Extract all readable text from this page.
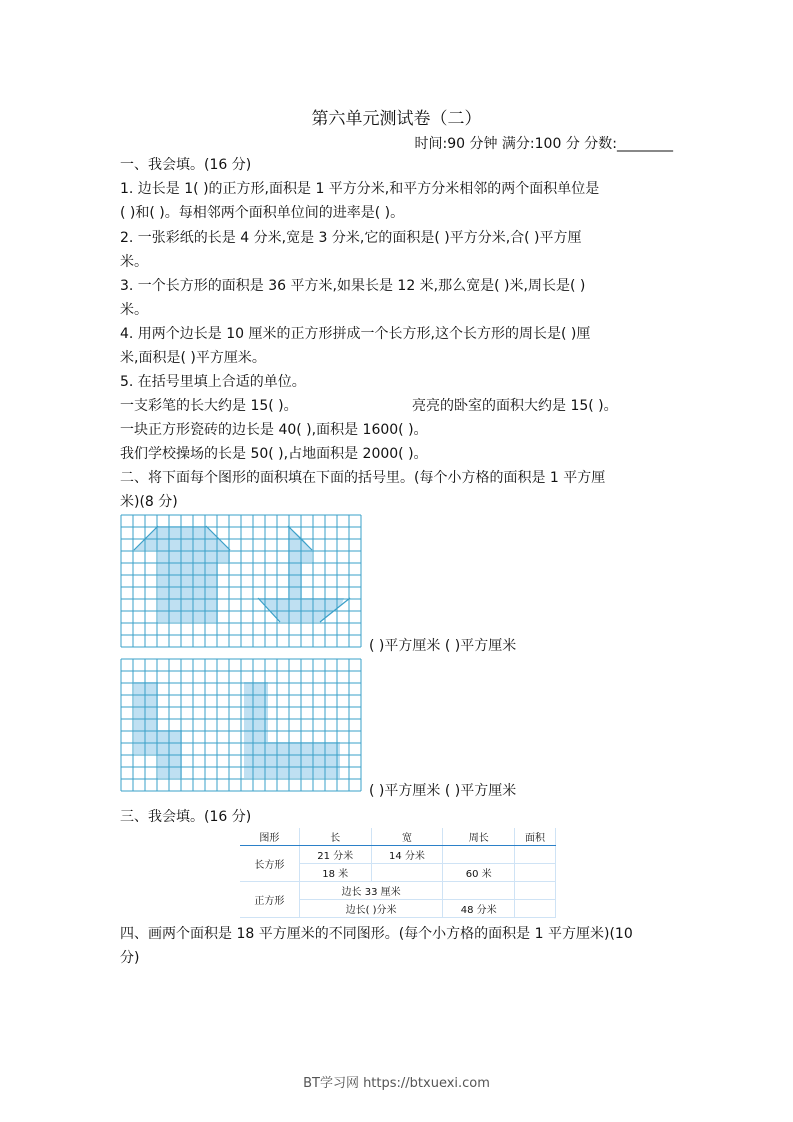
第六单元测试卷（二）
时间:90 分钟 满分:100 分 分数:________
一、我会填。(16 分)
1. 边长是 1( )的正方形,面积是 1 平方分米,和平方分米相邻的两个面积单位是
( )和( )。每相邻两个面积单位间的进率是( )。
2. 一张彩纸的长是 4 分米,宽是 3 分米,它的面积是( )平方分米,合( )平方厘
米。
3. 一个长方形的面积是 36 平方米,如果长是 12 米,那么宽是( )米,周长是( )
米。
4. 用两个边长是 10 厘米的正方形拼成一个长方形,这个长方形的周长是( )厘
米,面积是( )平方厘米。
5. 在括号里填上合适的单位。
一支彩笔的长大约是 15( )。	亮亮的卧室的面积大约是 15( )。
一块正方形瓷砖的边长是 40( ),面积是 1600( )。
我们学校操场的长是 50( ),占地面积是 2000( )。
二、将下面每个图形的面积填在下面的括号里。(每个小方格的面积是 1 平方厘
米)(8 分)
( )平方厘米 ( )平方厘米
( )平方厘米 ( )平方厘米
三、我会填。(16 分)
图形	长	宽	周长	面积
长方形	21 分米	14 分米		
	18 米		60 米	
正方形	边长 33 厘米			
	边长( )分米		48 分米	
四、画两个面积是 18 平方厘米的不同图形。(每个小方格的面积是 1 平方厘米)(10
分)
BT学习网 https://btxuexi.com
